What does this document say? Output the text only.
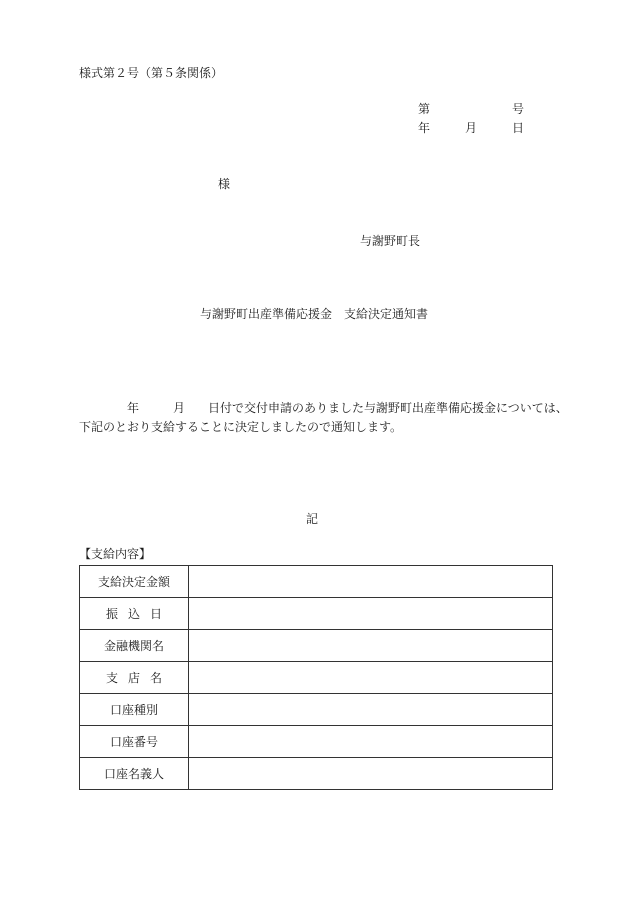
様式第２号（第５条関係）
第	号
年	月	日
様
与謝野町長
与謝野町出産準備応援金　支給決定通知書
年	月 日付で交付申請のありました与謝野町出産準備応援金については、
下記のとおり支給することに決定しましたので通知します。
記
【支給内容】
支給決定金額	
振込日	
金融機関名	
支店名	
口座種別	
口座番号	
口座名義人	
